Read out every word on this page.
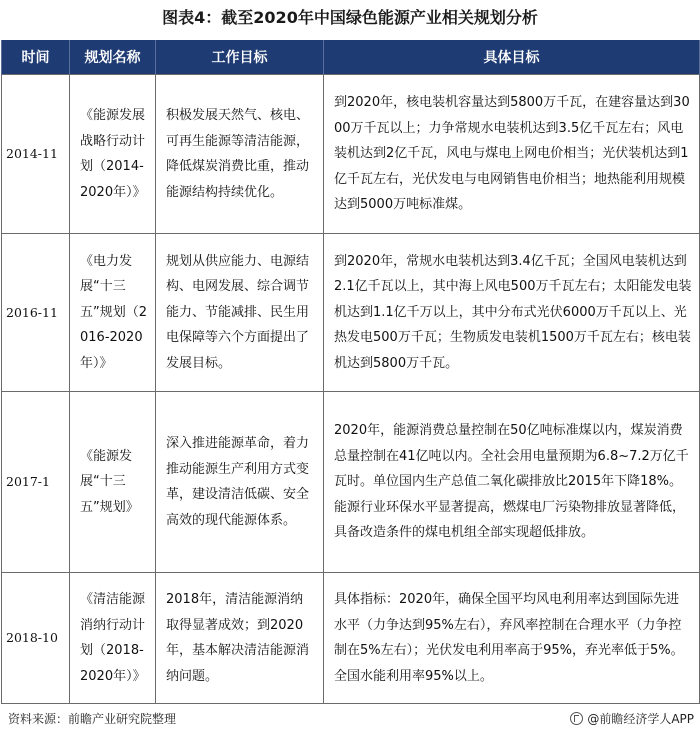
图表4：截至2020年中国绿色能源产业相关规划分析
时间	规划名称	工作目标	具体目标
2014-11	《能源发展战略行动计划（2014-2020年）》	积极发展天然气、核电、可再生能源等清洁能源，降低煤炭消费比重，推动能源结构持续优化。	到2020年，核电装机容量达到5800万千瓦，在建容量达到3000万千瓦以上；力争常规水电装机达到3.5亿千瓦左右；风电装机达到2亿千瓦，风电与煤电上网电价相当；光伏装机达到1亿千瓦左右，光伏发电与电网销售电价相当；地热能利用规模达到5000万吨标准煤。
2016-11	《电力发展“十三五”规划（2016-2020年）》	规划从供应能力、电源结构、电网发展、综合调节能力、节能减排、民生用电保障等六个方面提出了发展目标。	到2020年，常规水电装机达到3.4亿千瓦；全国风电装机达到2.1亿千瓦以上，其中海上风电500万千瓦左右；太阳能发电装机达到1.1亿千万以上，其中分布式光伏6000万千瓦以上、光热发电500万千瓦；生物质发电装机1500万千瓦左右；核电装机达到5800万千瓦。
2017-1	《能源发展“十三五”规划》	深入推进能源革命，着力推动能源生产利用方式变革，建设清洁低碳、安全高效的现代能源体系。	2020年，能源消费总量控制在50亿吨标准煤以内，煤炭消费总量控制在41亿吨以内。全社会用电量预期为6.8~7.2万亿千瓦时。单位国内生产总值二氧化碳排放比2015年下降18%。能源行业环保水平显著提高，燃煤电厂污染物排放显著降低，具备改造条件的煤电机组全部实现超低排放。
2018-10	《清洁能源消纳行动计划（2018-2020年）》	2018年，清洁能源消纳取得显著成效；到2020年，基本解决清洁能源消纳问题。	具体指标：2020年，确保全国平均风电利用率达到国际先进水平（力争达到95%左右），弃风率控制在合理水平（力争控制在5%左右）；光伏发电利用率高于95%，弃光率低于5%。全国水能利用率95%以上。
资料来源：前瞻产业研究院整理	@前瞻经济学人APP
